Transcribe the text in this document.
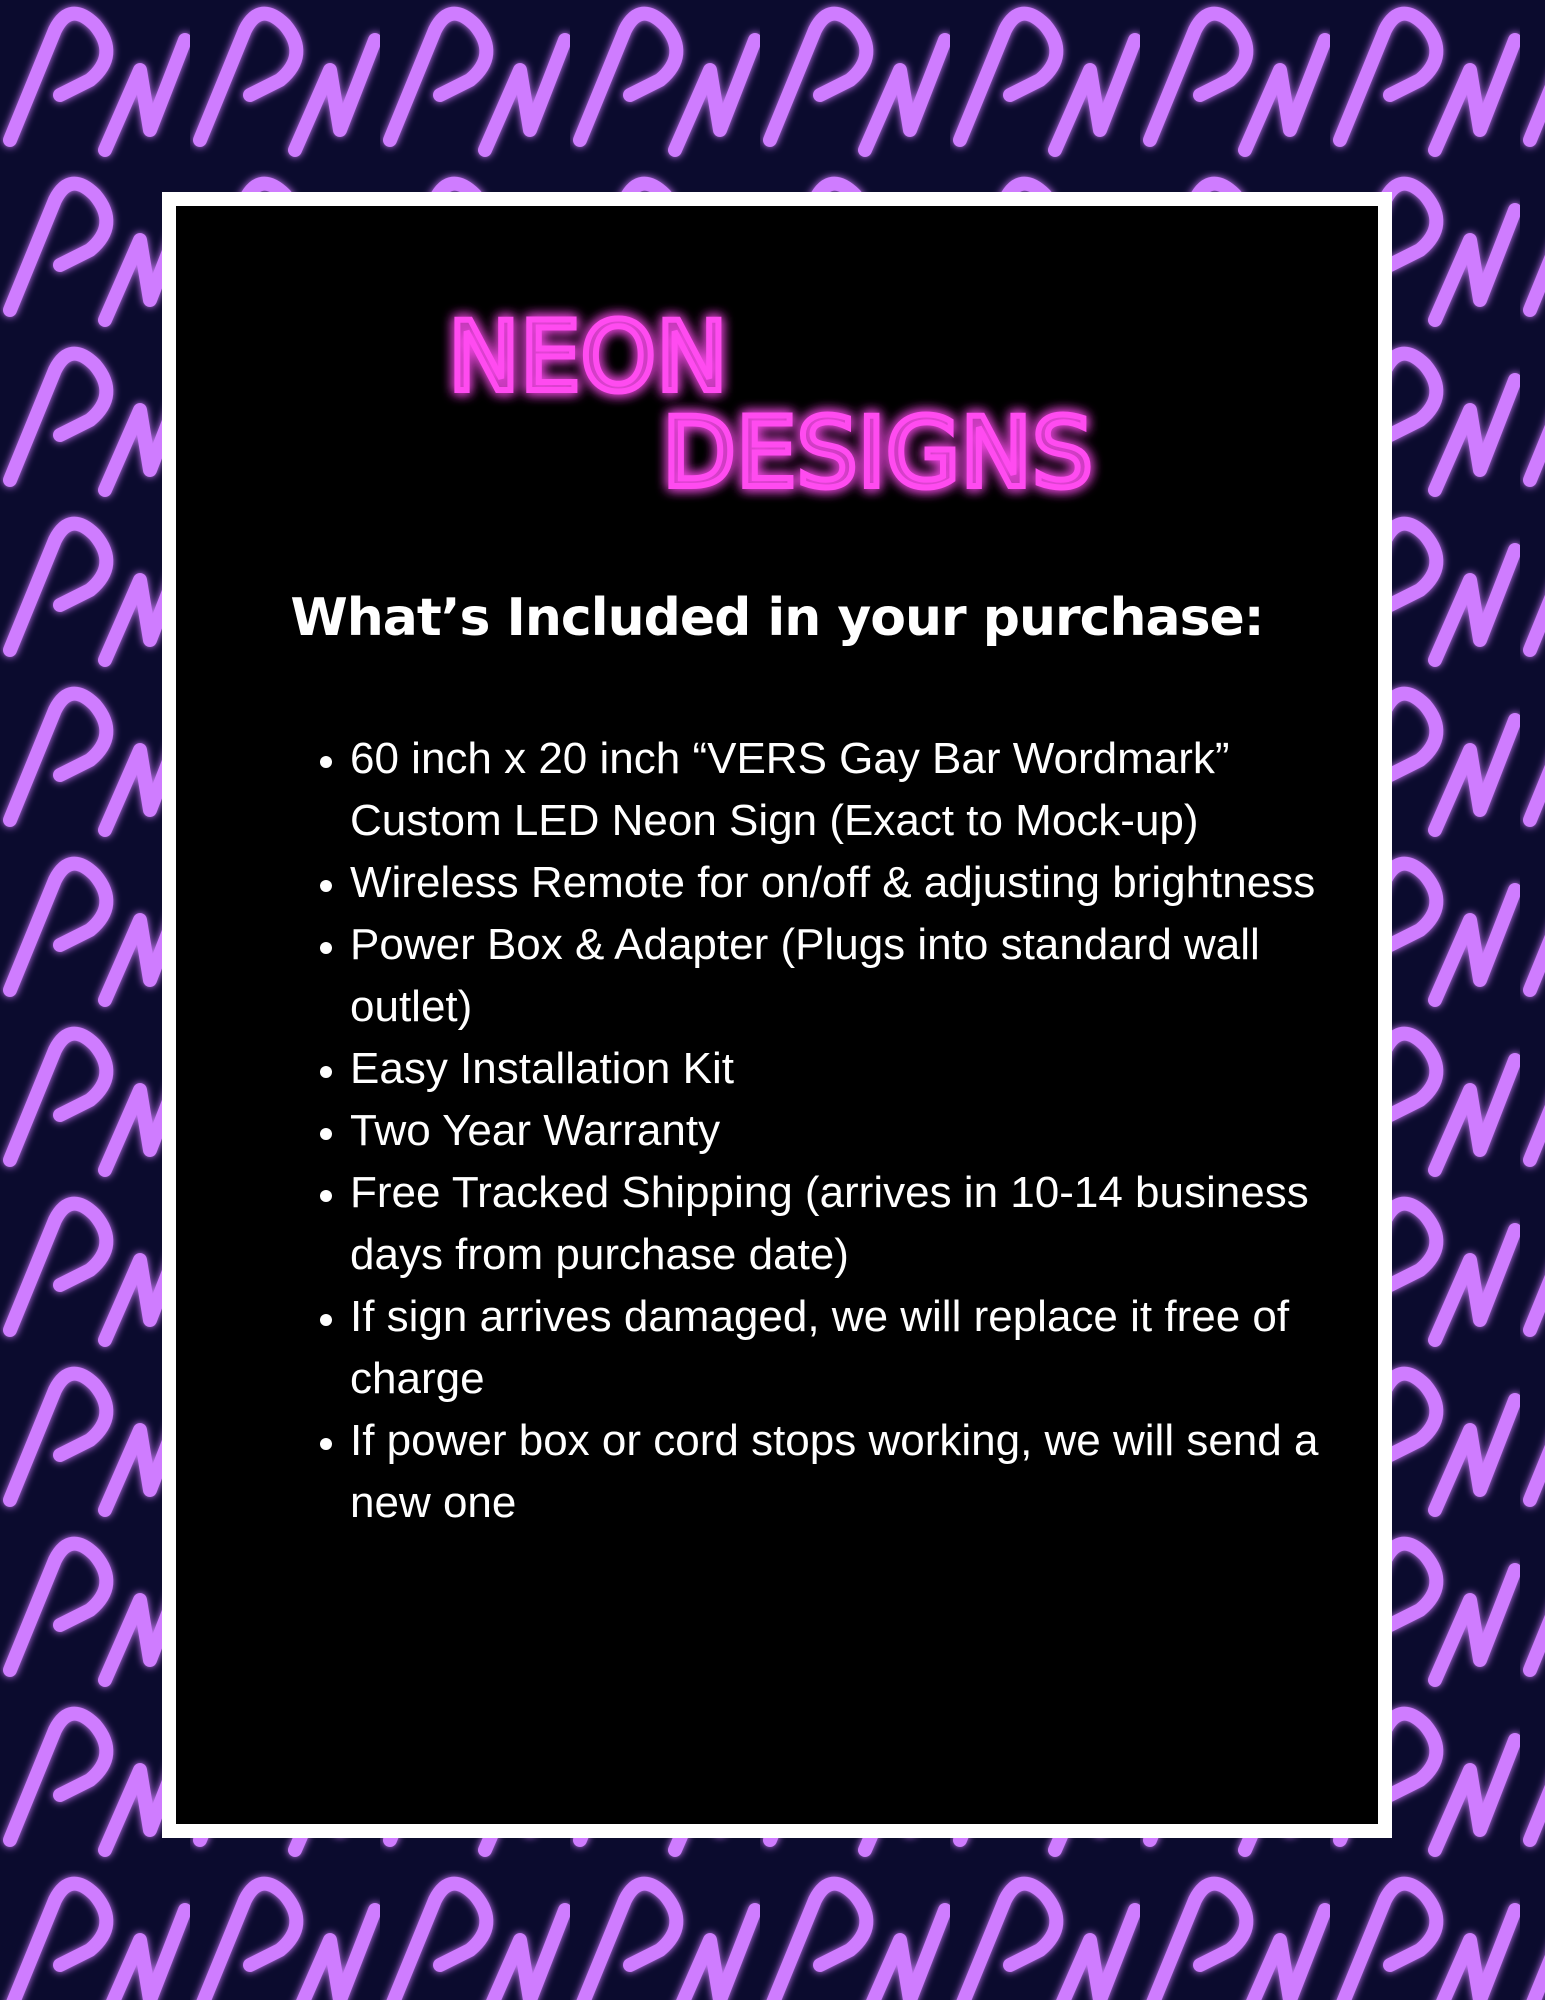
NEON
DESIGNS
What’s Included in your purchase:
• 60 inch x 20 inch “VERS Gay Bar Wordmark” Custom LED Neon Sign (Exact to Mock-up)
• Wireless Remote for on/off & adjusting brightness
• Power Box & Adapter (Plugs into standard wall outlet)
• Easy Installation Kit
• Two Year Warranty
• Free Tracked Shipping (arrives in 10-14 business days from purchase date)
• If sign arrives damaged, we will replace it free of charge
• If power box or cord stops working, we will send a new one
